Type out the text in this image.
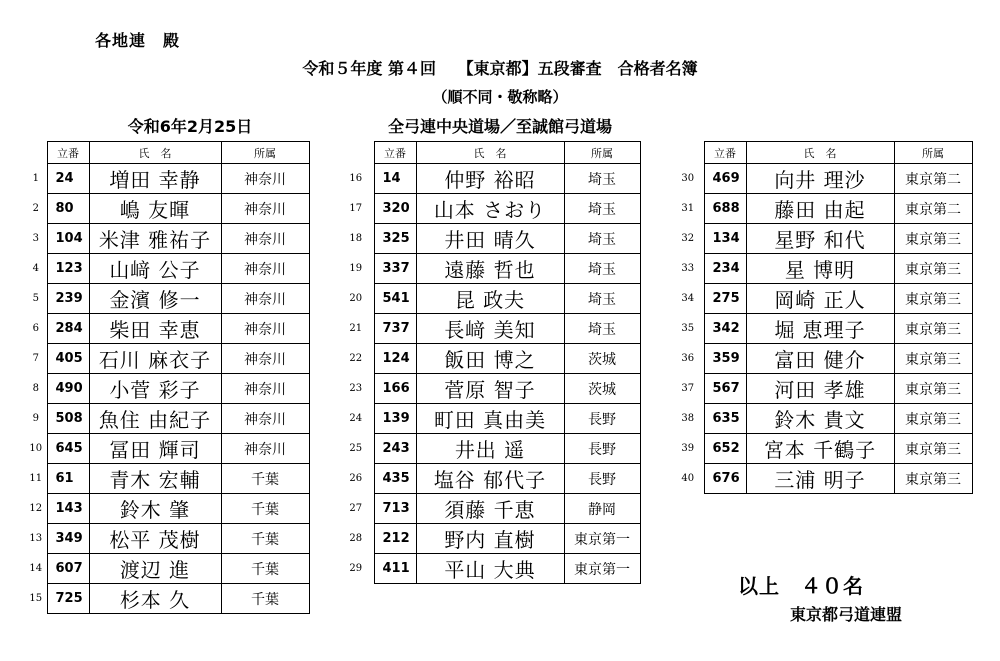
各地連　殿
令和５年度 第４回　 【東京都】五段審査　合格者名簿
（順不同・敬称略）
令和6年2月25日	全弓連中央道場／至誠館弓道場
	立番	氏　名	所属
1	24	増田 幸静	神奈川
2	80	嶋 友暉	神奈川
3	104	米津 雅祐子	神奈川
4	123	山﨑 公子	神奈川
5	239	金濱 修一	神奈川
6	284	柴田 幸恵	神奈川
7	405	石川 麻衣子	神奈川
8	490	小菅 彩子	神奈川
9	508	魚住 由紀子	神奈川
10	645	冨田 輝司	神奈川
11	61	青木 宏輔	千葉
12	143	鈴木 肇	千葉
13	349	松平 茂樹	千葉
14	607	渡辺 進	千葉
15	725	杉本 久	千葉
	立番	氏　名	所属
16	14	仲野 裕昭	埼玉
17	320	山本 さおり	埼玉
18	325	井田 晴久	埼玉
19	337	遠藤 哲也	埼玉
20	541	昆 政夫	埼玉
21	737	長﨑 美知	埼玉
22	124	飯田 博之	茨城
23	166	菅原 智子	茨城
24	139	町田 真由美	長野
25	243	井出 遥	長野
26	435	塩谷 郁代子	長野
27	713	須藤 千恵	静岡
28	212	野内 直樹	東京第一
29	411	平山 大典	東京第一
	立番	氏　名	所属
30	469	向井 理沙	東京第二
31	688	藤田 由起	東京第二
32	134	星野 和代	東京第三
33	234	星 博明	東京第三
34	275	岡崎 正人	東京第三
35	342	堀 恵理子	東京第三
36	359	富田 健介	東京第三
37	567	河田 孝雄	東京第三
38	635	鈴木 貴文	東京第三
39	652	宮本 千鶴子	東京第三
40	676	三浦 明子	東京第三
以上　４０名
東京都弓道連盟
